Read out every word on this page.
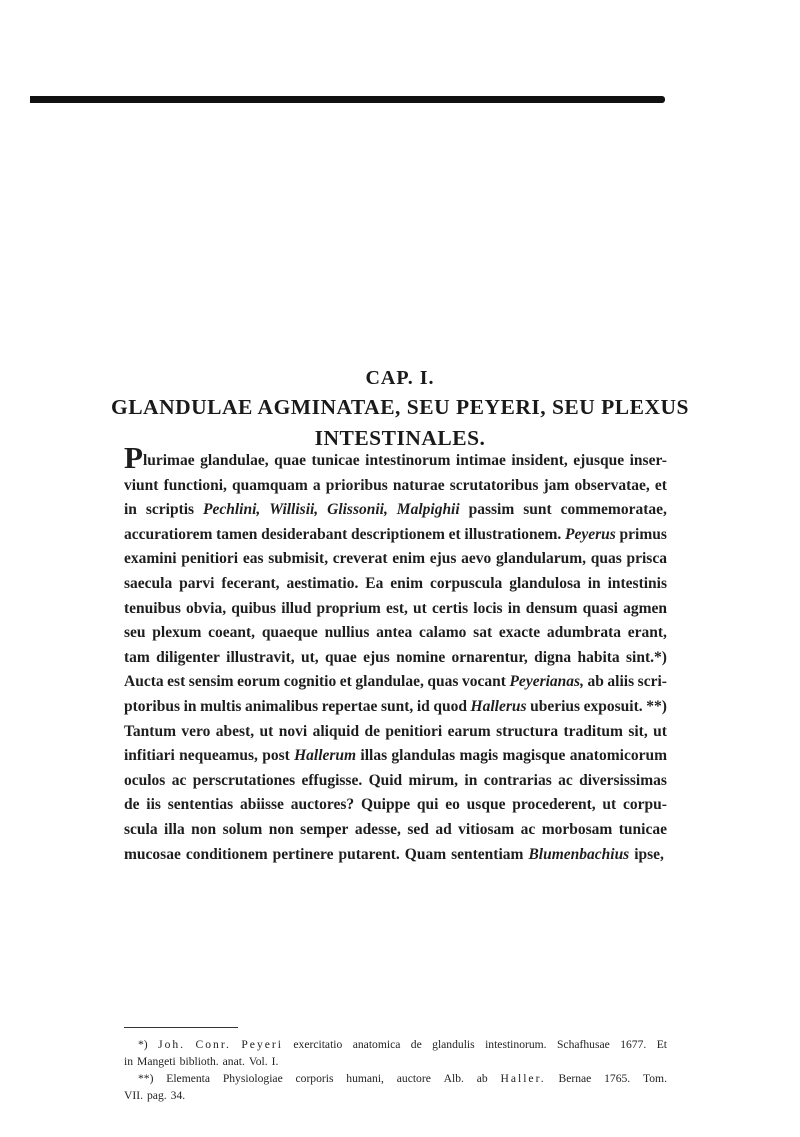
CAP. I.
GLANDULAE AGMINATAE, SEU PEYERI, SEU PLEXUS
INTESTINALES.
Plurimae glandulae, quae tunicae intestinorum intimae insident, ejusque inser-
viunt functioni, quamquam a prioribus naturae scrutatoribus jam observatae, et
in scriptis Pechlini, Willisii, Glissonii, Malpighii passim sunt commemoratae,
accuratiorem tamen desiderabant descriptionem et illustrationem. Peyerus primus
examini penitiori eas submisit, creverat enim ejus aevo glandularum, quas prisca
saecula parvi fecerant, aestimatio. Ea enim corpuscula glandulosa in intestinis
tenuibus obvia, quibus illud proprium est, ut certis locis in densum quasi agmen
seu plexum coeant, quaeque nullius antea calamo sat exacte adumbrata erant,
tam diligenter illustravit, ut, quae ejus nomine ornarentur, digna habita sint.*)
Aucta est sensim eorum cognitio et glandulae, quas vocant Peyerianas, ab aliis scri-
ptoribus in multis animalibus repertae sunt, id quod Hallerus uberius exposuit. **)
Tantum vero abest, ut novi aliquid de penitiori earum structura traditum sit, ut
infitiari nequeamus, post Hallerum illas glandulas magis magisque anatomicorum
oculos ac perscrutationes effugisse. Quid mirum, in contrarias ac diversissimas
de iis sententias abiisse auctores? Quippe qui eo usque procederent, ut corpu-
scula illa non solum non semper adesse, sed ad vitiosam ac morbosam tunicae
mucosae conditionem pertinere putarent. Quam sententiam Blumenbachius ipse,
*) Joh. Conr. Peyeri exercitatio anatomica de glandulis intestinorum. Schafhusae 1677. Et
in Mangeti biblioth. anat. Vol. I.
**) Elementa Physiologiae corporis humani, auctore Alb. ab Haller. Bernae 1765. Tom.
VII. pag. 34.
